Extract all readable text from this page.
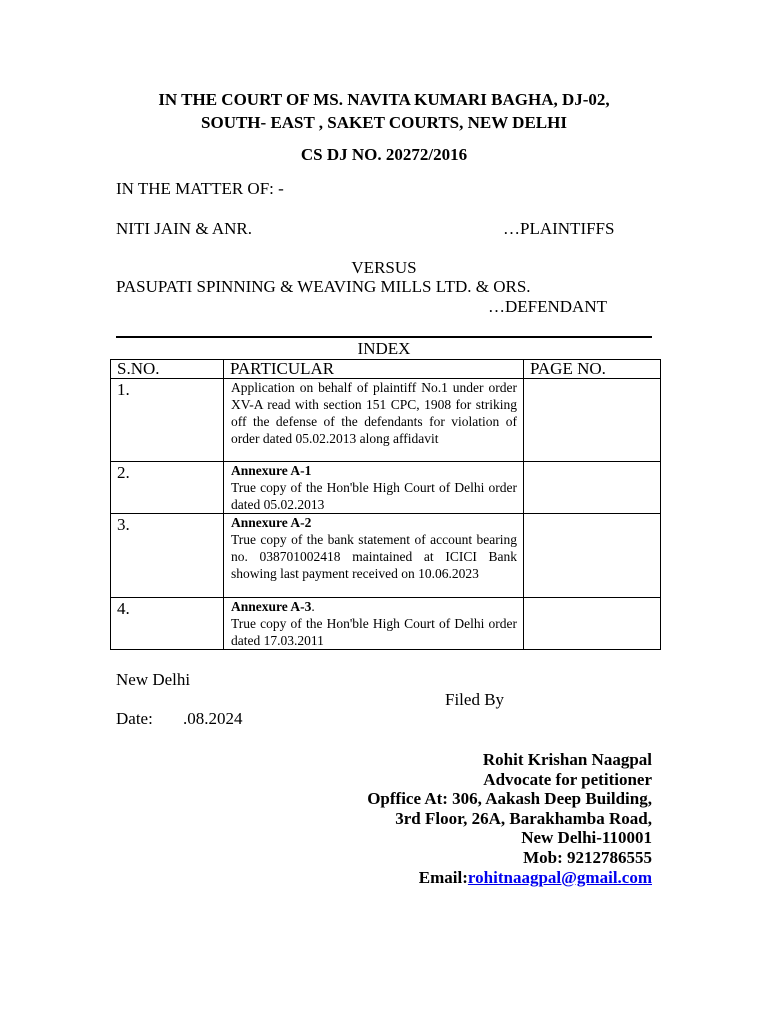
IN THE COURT OF MS. NAVITA KUMARI BAGHA, DJ-02,
SOUTH- EAST , SAKET COURTS, NEW DELHI
CS DJ NO. 20272/2016
IN THE MATTER OF: -
NITI JAIN & ANR.	…PLAINTIFFS
VERSUS
PASUPATI SPINNING & WEAVING MILLS LTD. & ORS.
…DEFENDANT
INDEX
S.NO.	PARTICULAR	PAGE NO.

1.	Application on behalf of plaintiff No.1 under order XV-A read with section 151 CPC, 1908 for striking off the defense of the defendants for violation of order dated 05.02.2013 along affidavit	

2.	Annexure A-1
True copy of the Hon'ble High Court of Delhi order dated 05.02.2013	

3.	Annexure A-2
True copy of the bank statement of account bearing no. 038701002418 maintained at ICICI Bank showing last payment received on 10.06.2023	

4.	Annexure A-3.
True copy of the Hon'ble High Court of Delhi order dated 17.03.2011	

New Delhi
Filed By
Date: .08.2024
Rohit Krishan Naagpal
Advocate for petitioner
Opffice At: 306, Aakash Deep Building,
3rd Floor, 26A, Barakhamba Road,
New Delhi-110001
Mob: 9212786555
Email:rohitnaagpal@gmail.com
